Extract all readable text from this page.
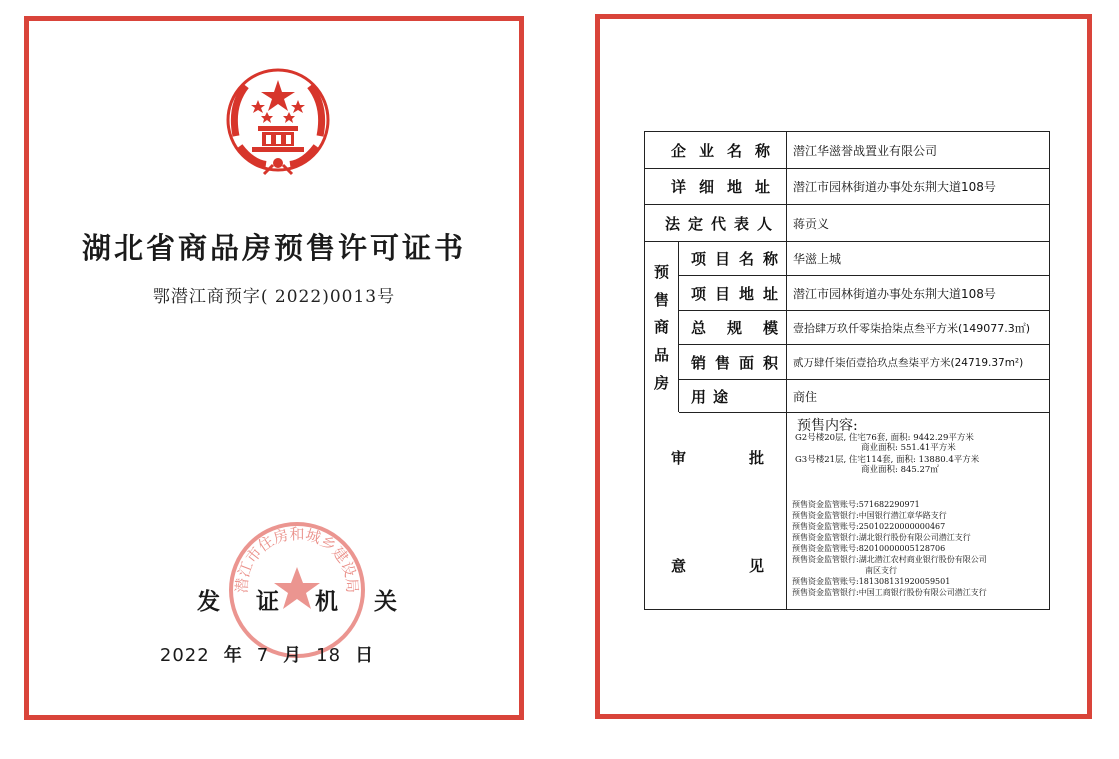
湖北省商品房预售许可证书
鄂潜江商预字( 2022)0013号
潜江市住房和城乡建设局
发 证 机 关
2022 年 7 月 18 日
企 业 名 称	潜江华滋誉战置业有限公司
详 细 地 址	潜江市园林街道办事处东荆大道108号
法 定 代 表 人	蒋贡义
预
售
商
品
房
项 目 名 称	华滋上城
项 目 地 址	潜江市园林街道办事处东荆大道108号
总 规 模	壹拾肆万玖仟零柒拾柒点叁平方米(149077.3㎡)
销 售 面 积	贰万肆仟柒佰壹拾玖点叁柒平方米(24719.37m²)
用 途	商住
审	批
意	见
预售内容:
G2号楼20层, 住宅76套, 面积: 9442.29平方米
商业面积: 551.41平方米
G3号楼21层, 住宅114套, 面积: 13880.4平方米
商业面积: 845.27㎡
预售资金监管账号:571682290971
预售资金监管银行:中国银行潜江章华路支行
预售资金监管账号:25010220000000467
预售资金监管银行:湖北银行股份有限公司潜江支行
预售资金监管账号:82010000005128706
预售资金监管银行:湖北潜江农村商业银行股份有限公司
南区支行
预售资金监管账号:181308131920059501
预售资金监管银行:中国工商银行股份有限公司潜江支行
